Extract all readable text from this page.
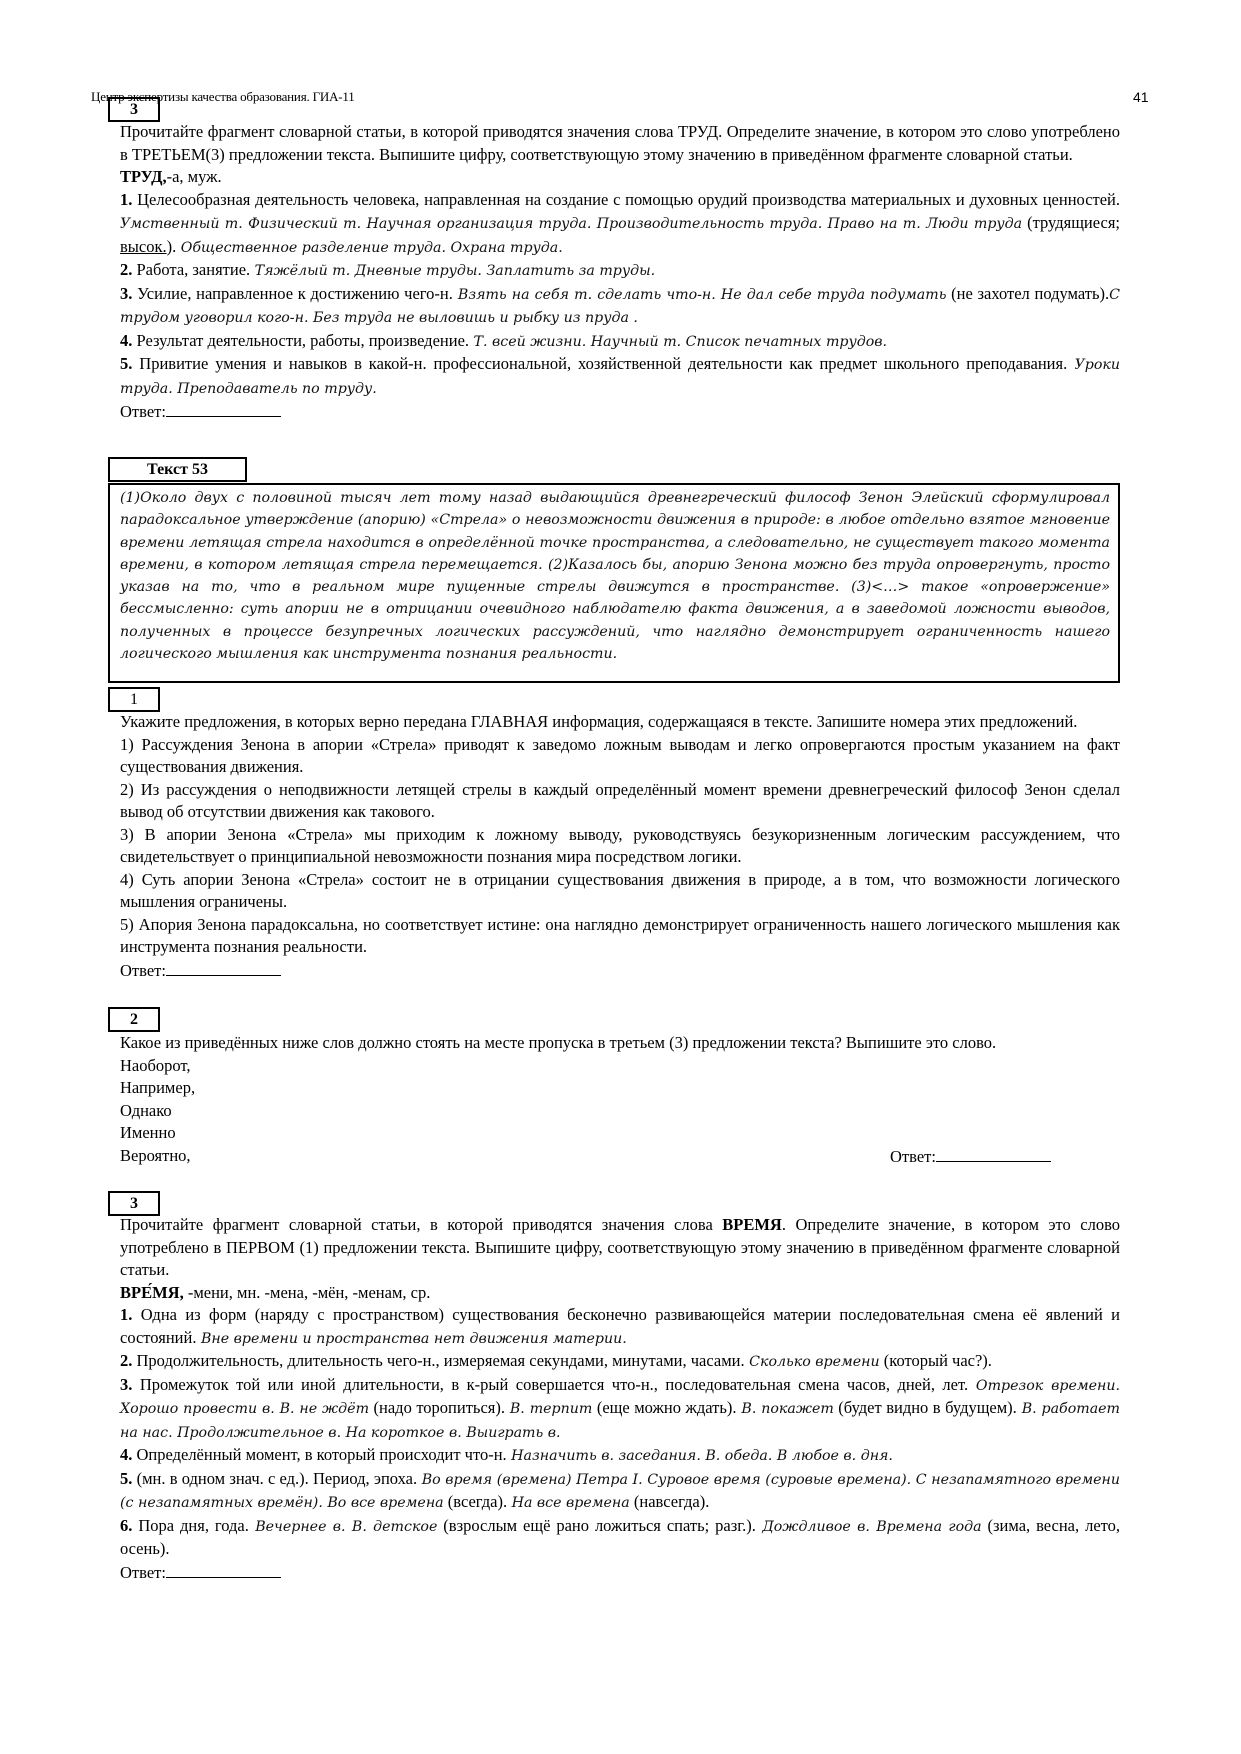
Центр экспертизы качества образования. ГИА-11	41
3

Прочитайте фрагмент словарной статьи, в которой приводятся значения слова ТРУД. Определите значение, в котором это слово употреблено в ТРЕТЬЕМ(3) предложении текста. Выпишите цифру, соответствующую этому значению в приведённом фрагменте словарной статьи.

ТРУД,-а, муж.

1. Целесообразная деятельность человека, направленная на создание с помощью орудий производства материальных и духовных ценностей. Умственный т. Физический т. Научная организация труда. Производительность труда. Право на т. Люди труда (трудящиеся; высок.). Общественное разделение труда. Охрана труда.

2. Работа, занятие. Тяжёлый т. Дневные труды. Заплатить за труды.

3. Усилие, направленное к достижению чего-н. Взять на себя т. сделать что-н. Не дал себе труда подумать (не захотел подумать).С трудом уговорил кого-н. Без труда не выловишь и рыбку из пруда .

4. Результат деятельности, работы, произведение. Т. всей жизни. Научный т. Список печатных трудов.

5. Привитие умения и навыков в какой-н. профессиональной, хозяйственной деятельности как предмет школьного преподавания. Уроки труда. Преподаватель по труду.

Ответ:

Текст 53
(1)Около двух с половиной тысяч лет тому назад выдающийся древнегреческий философ Зенон Элейский сформулировал парадоксальное утверждение (апорию) «Стрела» о невозможности движения в природе: в любое отдельно взятое мгновение времени летящая стрела находится в определённой точке пространства, а следовательно, не существует такого момента времени, в котором летящая стрела перемещается. (2)Казалось бы, апорию Зенона можно без труда опровергнуть, просто указав на то, что в реальном мире пущенные стрелы движутся в пространстве. (3)<…> такое «опровержение» бессмысленно: суть апории не в отрицании очевидного наблюдателю факта движения, а в заведомой ложности выводов, полученных в процессе безупречных логических рассуждений, что наглядно демонстрирует ограниченность нашего логического мышления как инструмента познания реальности.
1

Укажите предложения, в которых верно передана ГЛАВНАЯ информация, содержащаяся в тексте. Запишите номера этих предложений.

1) Рассуждения Зенона в апории «Стрела» приводят к заведомо ложным выводам и легко опровергаются простым указанием на факт существования движения.

2) Из рассуждения о неподвижности летящей стрелы в каждый определённый момент времени древнегреческий философ Зенон сделал вывод об отсутствии движения как такового.

3) В апории Зенона «Стрела» мы приходим к ложному выводу, руководствуясь безукоризненным логическим рассуждением, что свидетельствует о принципиальной невозможности познания мира посредством логики.

4) Суть апории Зенона «Стрела» состоит не в отрицании существования движения в природе, а в том, что возможности логического мышления ограничены.

5) Апория Зенона парадоксальна, но соответствует истине: она наглядно демонстрирует ограниченность нашего логического мышления как инструмента познания реальности.

Ответ:

2

Какое из приведённых ниже слов должно стоять на месте пропуска в третьем (3) предложении текста? Выпишите это слово.

Наоборот,

Например,

Однако

Именно

Вероятно,	Ответ:

3

Прочитайте фрагмент словарной статьи, в которой приводятся значения слова ВРЕМЯ. Определите значение, в котором это слово употреблено в ПЕРВОМ (1) предложении текста. Выпишите цифру, соответствующую этому значению в приведённом фрагменте словарной статьи.

ВРЕ́МЯ, -мени, мн. -мена, -мён, -менам, ср.

1. Одна из форм (наряду с пространством) существования бесконечно развивающейся материи последовательная смена её явлений и состояний. Вне времени и пространства нет движения материи.

2. Продолжительность, длительность чего-н., измеряемая секундами, минутами, часами. Сколько времени (который час?).

3. Промежуток той или иной длительности, в к-рый совершается что-н., последовательная смена часов, дней, лет. Отрезок времени. Хорошо провести в. В. не ждёт (надо торопиться). В. терпит (еще можно ждать). В. покажет (будет видно в будущем). В. работает на нас. Продолжительное в. На короткое в. Выиграть в.

4. Определённый момент, в который происходит что-н. Назначить в. заседания. В. обеда. В любое в. дня.

5. (мн. в одном знач. с ед.). Период, эпоха. Во время (времена) Петра I. Суровое время (суровые времена). С незапамятного времени (с незапамятных времён). Во все времена (всегда). На все времена (навсегда).

6. Пора дня, года. Вечернее в. В. детское (взрослым ещё рано ложиться спать; разг.). Дождливое в. Времена года (зима, весна, лето, осень).

Ответ:
